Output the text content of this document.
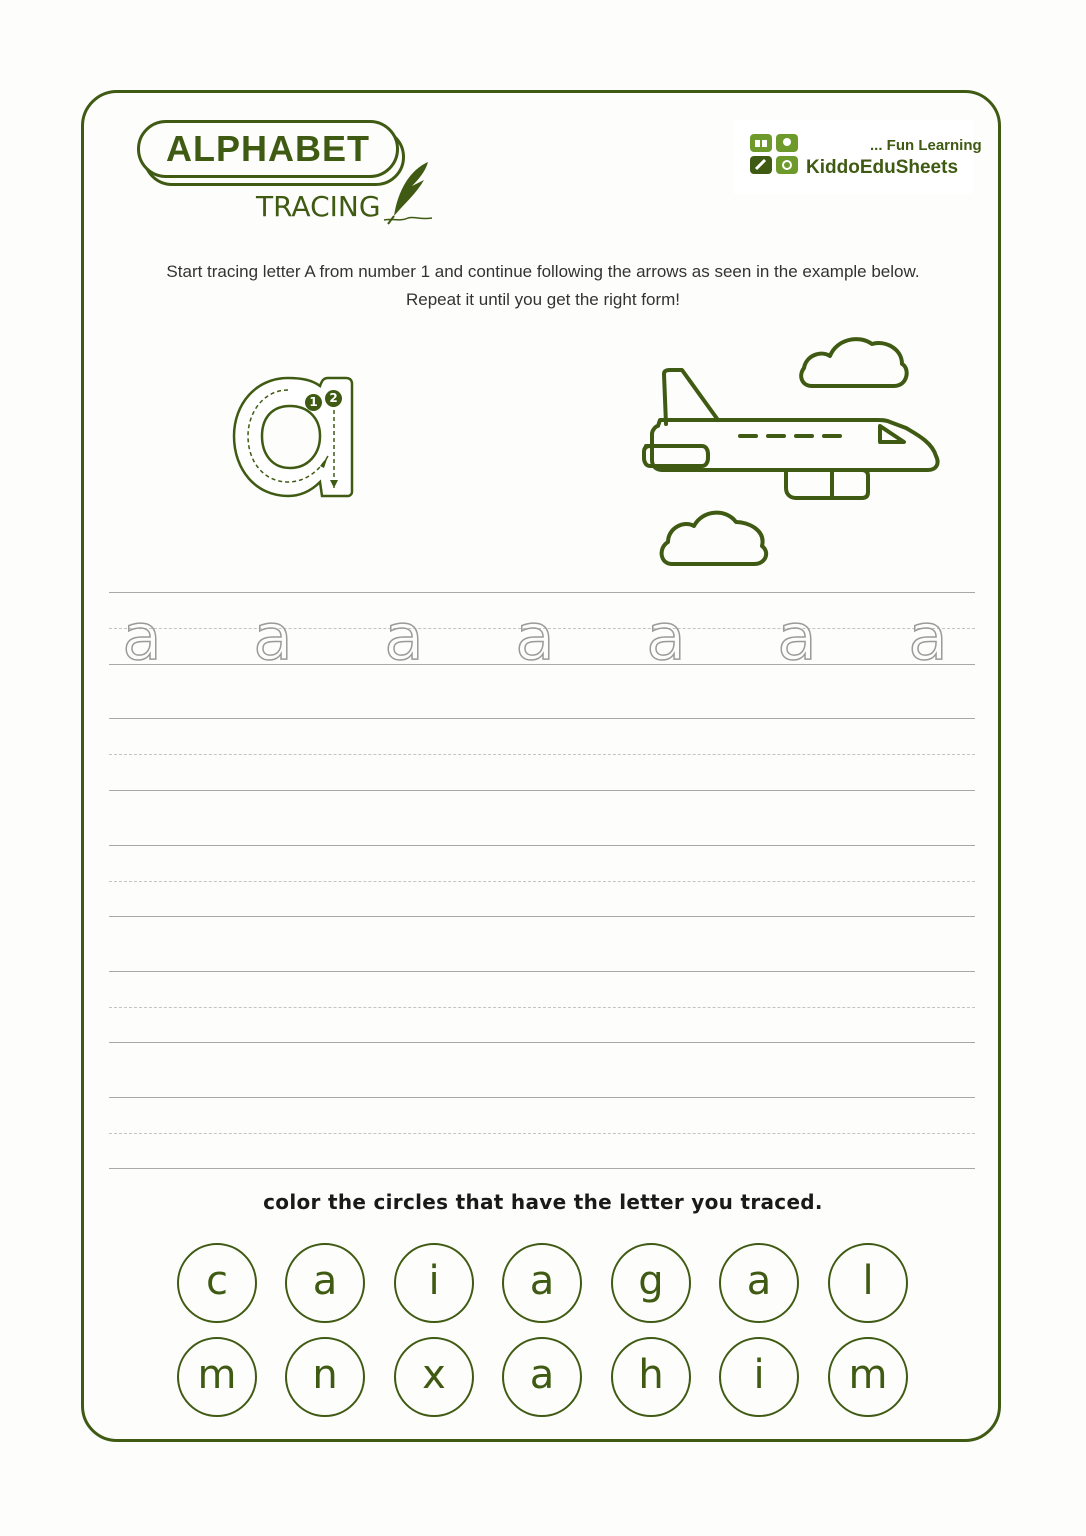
ALPHABET
TRACING
... Fun Learning
KiddoEduSheets
Start tracing letter A from number 1 and continue following the arrows as seen in the example below.
Repeat it until you get the right form!
1 2
a a a a a a a
color the circles that have the letter you traced.
c	a	i	a	g	a	l
m	n	x	a	h	i	m
